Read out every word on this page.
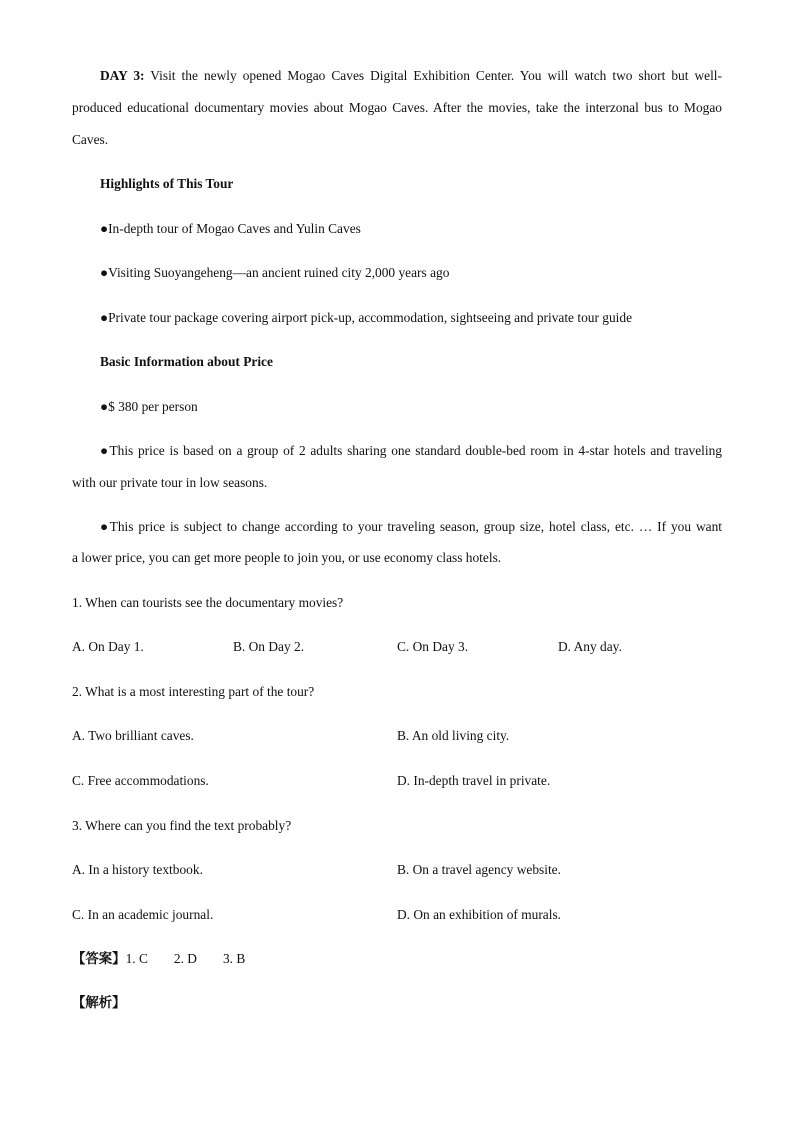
DAY 3: Visit the newly opened Mogao Caves Digital Exhibition Center. You will watch two short but well-
produced educational documentary movies about Mogao Caves. After the movies, take the interzonal bus to Mogao
Caves.
Highlights of This Tour
●In-depth tour of Mogao Caves and Yulin Caves
●Visiting Suoyangeheng—an ancient ruined city 2,000 years ago
●Private tour package covering airport pick-up, accommodation, sightseeing and private tour guide
Basic Information about Price
●$ 380 per person
●This price is based on a group of 2 adults sharing one standard double-bed room in 4-star hotels and traveling
with our private tour in low seasons.
●This price is subject to change according to your traveling season, group size, hotel class, etc. … If you want
a lower price, you can get more people to join you, or use economy class hotels.
1. When can tourists see the documentary movies?
A. On Day 1.	B. On Day 2.	C. On Day 3.	D. Any day.
2. What is a most interesting part of the tour?
A. Two brilliant caves.	B. An old living city.
C. Free accommodations.	D. In-depth travel in private.
3. Where can you find the text probably?
A. In a history textbook.	B. On a travel agency website.
C. In an academic journal.	D. On an exhibition of murals.
【答案】1. C 2. D 3. B
【解析】
